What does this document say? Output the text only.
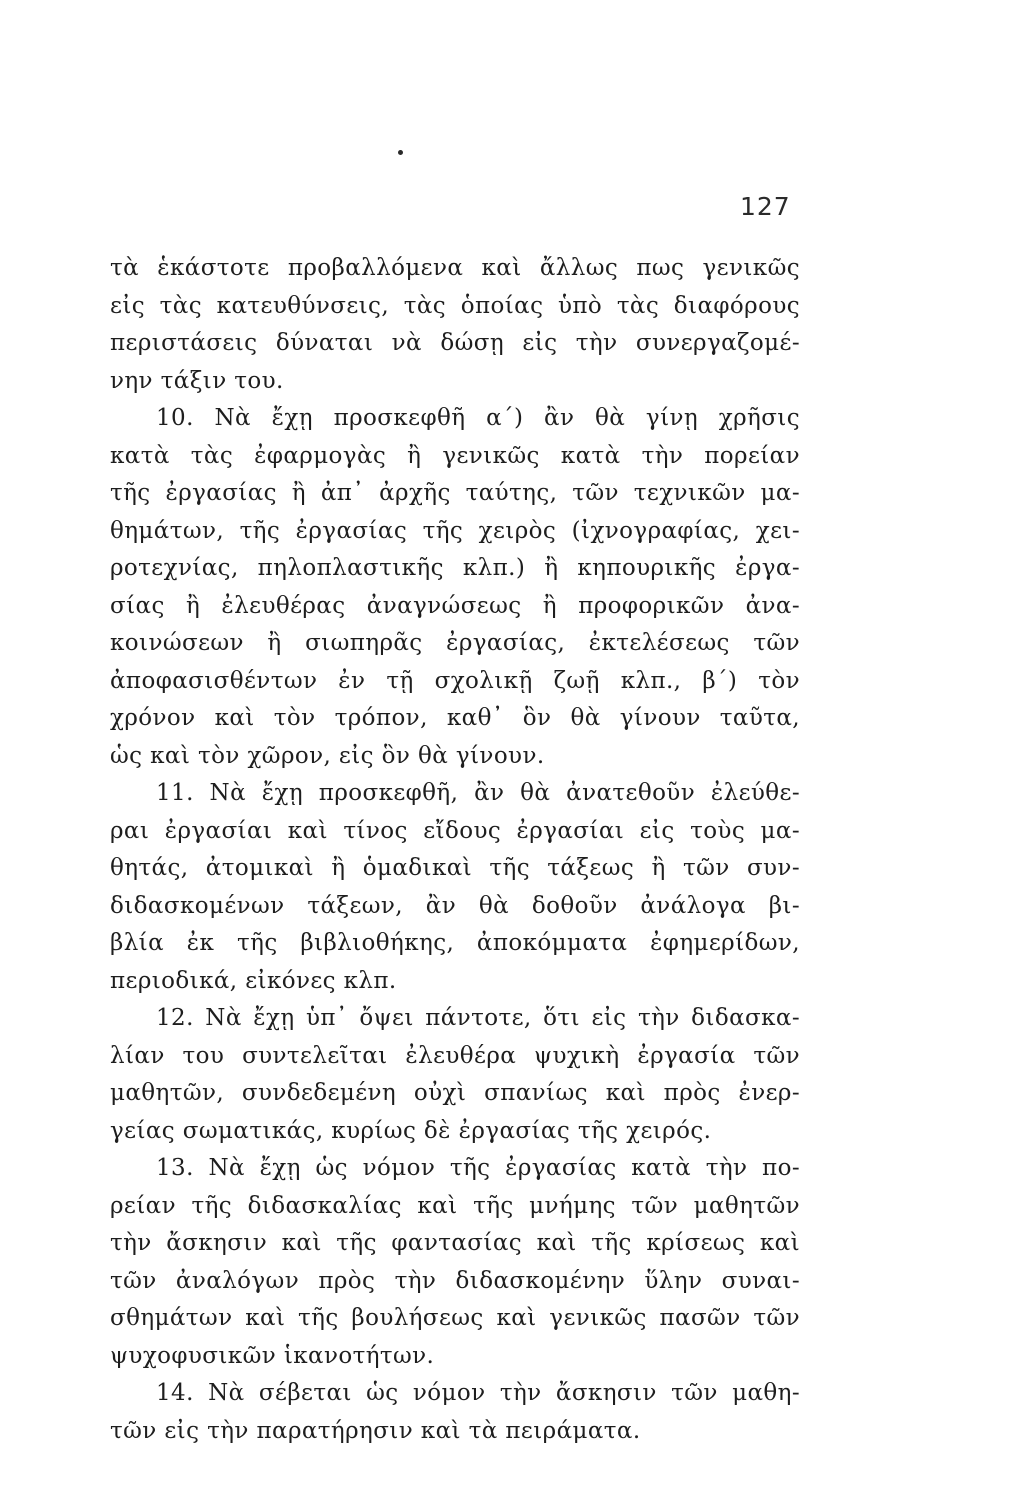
127
τὰ ἑκάστοτε προβαλλόμενα καὶ ἄλλως πως γενικῶς
εἰς τὰς κατευθύνσεις, τὰς ὁποίας ὑπὸ τὰς διαφόρους
περιστάσεις δύναται νὰ δώσῃ εἰς τὴν συνεργαζομέ-
νην τάξιν του.
10. Νὰ ἔχῃ προσκεφθῆ α΄) ἂν θὰ γίνῃ χρῆσις
κατὰ τὰς ἐφαρμογὰς ἢ γενικῶς κατὰ τὴν πορείαν
τῆς ἐργασίας ἢ ἀπ᾿ ἀρχῆς ταύτης, τῶν τεχνικῶν μα-
θημάτων, τῆς ἐργασίας τῆς χειρὸς (ἰχνογραφίας, χει-
ροτεχνίας, πηλοπλαστικῆς κλπ.) ἢ κηπουρικῆς ἐργα-
σίας ἢ ἐλευθέρας ἀναγνώσεως ἢ προφορικῶν ἀνα-
κοινώσεων ἢ σιωπηρᾶς ἐργασίας, ἐκτελέσεως τῶν
ἀποφασισθέντων ἐν τῇ σχολικῇ ζωῇ κλπ., β΄) τὸν
χρόνον καὶ τὸν τρόπον, καθ᾿ ὃν θὰ γίνουν ταῦτα,
ὡς καὶ τὸν χῶρον, εἰς ὃν θὰ γίνουν.
11. Νὰ ἔχῃ προσκεφθῆ, ἂν θὰ ἀνατεθοῦν ἐλεύθε-
ραι ἐργασίαι καὶ τίνος εἴδους ἐργασίαι εἰς τοὺς μα-
θητάς, ἀτομικαὶ ἢ ὁμαδικαὶ τῆς τάξεως ἢ τῶν συν-
διδασκομένων τάξεων, ἂν θὰ δοθοῦν ἀνάλογα βι-
βλία ἐκ τῆς βιβλιοθήκης, ἀποκόμματα ἐφημερίδων,
περιοδικά, εἰκόνες κλπ.
12. Νὰ ἔχῃ ὑπ᾿ ὄψει πάντοτε, ὅτι εἰς τὴν διδασκα-
λίαν του συντελεῖται ἐλευθέρα ψυχικὴ ἐργασία τῶν
μαθητῶν, συνδεδεμένη οὐχὶ σπανίως καὶ πρὸς ἐνερ-
γείας σωματικάς, κυρίως δὲ ἐργασίας τῆς χειρός.
13. Νὰ ἔχῃ ὡς νόμον τῆς ἐργασίας κατὰ τὴν πο-
ρείαν τῆς διδασκαλίας καὶ τῆς μνήμης τῶν μαθητῶν
τὴν ἄσκησιν καὶ τῆς φαντασίας καὶ τῆς κρίσεως καὶ
τῶν ἀναλόγων πρὸς τὴν διδασκομένην ὕλην συναι-
σθημάτων καὶ τῆς βουλήσεως καὶ γενικῶς πασῶν τῶν
ψυχοφυσικῶν ἱκανοτήτων.
14. Νὰ σέβεται ὡς νόμον τὴν ἄσκησιν τῶν μαθη-
τῶν εἰς τὴν παρατήρησιν καὶ τὰ πειράματα.
